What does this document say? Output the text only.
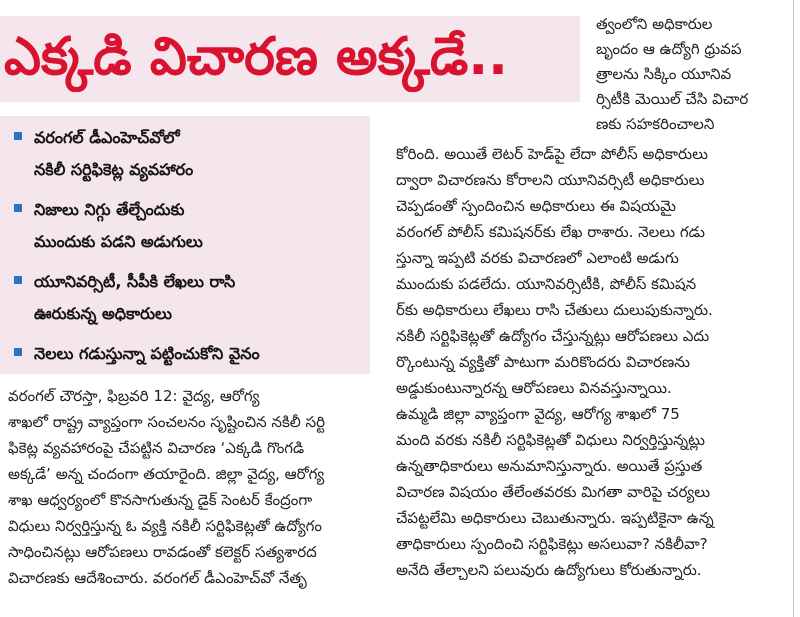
ఎక్కడి విచారణ అక్కడే..
వరంగల్ డీఎంహెచ్‌వోలో
నకిలీ సర్టిఫికెట్ల వ్యవహారం
నిజాలు నిగ్గు తేల్చేందుకు
ముందుకు పడని అడుగులు
యూనివర్సిటీ, సీపీకి లేఖలు రాసి
ఊరుకున్న అధికారులు
నెలలు గడుస్తున్నా పట్టించుకోని వైనం

వరంగల్ చౌరస్తా, ఫిబ్రవరి 12: వైద్య, ఆరోగ్య

శాఖలో రాష్ట్ర వ్యాప్తంగా సంచలనం సృష్టించిన నకిలీ సర్టి

ఫికెట్ల వ్యవహారంపై చేపట్టిన విచారణ ‘ఎక్కడి గొంగడి

అక్కడే’ అన్న చందంగా తయారైంది. జిల్లా వైద్య, ఆరోగ్య

శాఖ ఆధ్వర్యంలో కొనసాగుతున్న డైక్ సెంటర్ కేంద్రంగా

విధులు నిర్వర్తిస్తున్న ఓ వ్యక్తి నకిలీ సర్టిఫికెట్లతో ఉద్యోగం

సాధించినట్లు ఆరోపణలు రావడంతో కలెక్టర్ సత్యశారద

విచారణకు ఆదేశించారు. వరంగల్ డీఎంహెచ్‌వో నేతృ

త్వంలోని అధికారుల

బృందం ఆ ఉద్యోగి ధ్రువప

త్రాలను సిక్కిం యూనివ

ర్సిటీకి మెయిల్ చేసి విచార

ణకు సహకరించాలని

కోరింది. అయితే లెటర్ హెడ్‌పై లేదా పోలీస్ అధికారులు

ద్వారా విచారణను కోరాలని యూనివర్సిటీ అధికారులు

చెప్పడంతో స్పందించిన అధికారులు ఈ విషయమై

వరంగల్ పోలీస్ కమిషనర్‌కు లేఖ రాశారు. నెలలు గడు

స్తున్నా ఇప్పటి వరకు విచారణలో ఎలాంటి అడుగు

ముందుకు పడలేదు. యూనివర్సిటీకి, పోలీస్ కమిషన

ర్‌కు అధికారులు లేఖలు రాసి చేతులు దులుపుకున్నారు.

నకిలీ సర్టిఫికెట్లతో ఉద్యోగం చేస్తున్నట్లు ఆరోపణలు ఎదు

ర్కొంటున్న వ్యక్తితో పాటుగా మరికొందరు విచారణను

అడ్డుకుంటున్నారన్న ఆరోపణలు వినవస్తున్నాయి.

ఉమ్మడి జిల్లా వ్యాప్తంగా వైద్య, ఆరోగ్య శాఖలో 75

మంది వరకు నకిలీ సర్టిఫికెట్లతో విధులు నిర్వర్తిస్తున్నట్లు

ఉన్నతాధికారులు అనుమానిస్తున్నారు. అయితే ప్రస్తుత

విచారణ విషయం తేలేంతవరకు మిగతా వారిపై చర్యలు

చేపట్టలేమి అధికారులు చెబుతున్నారు. ఇప్పటికైనా ఉన్న

తాధికారులు స్పందించి సర్టిఫికెట్లు అసలువా? నకిలీవా?

అనేది తేల్చాలని పలువురు ఉద్యోగులు కోరుతున్నారు.
